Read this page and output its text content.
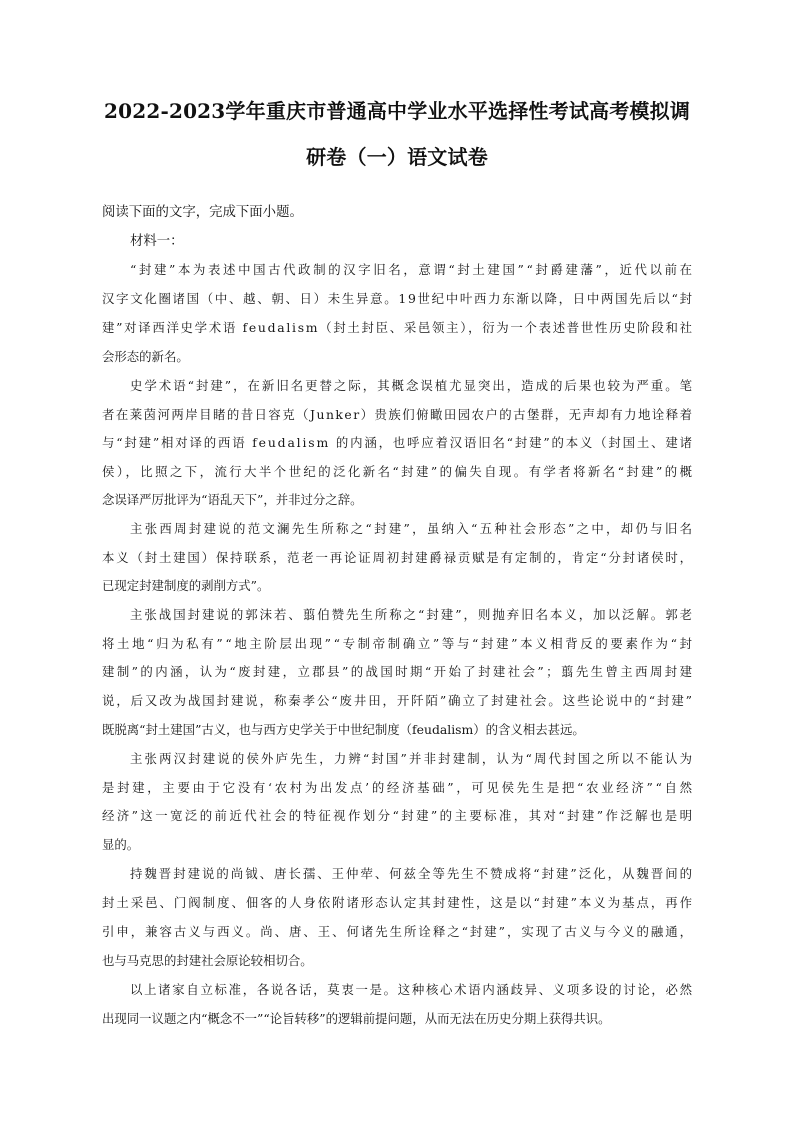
2022-2023学年重庆市普通高中学业水平选择性考试高考模拟调
研卷（一）语文试卷
阅读下面的文字，完成下面小题。
材料一：
“封建”本为表述中国古代政制的汉字旧名，意谓“封土建国”“封爵建藩”，近代以前在
汉字文化圈诸国（中、越、朝、日）未生异意。19世纪中叶西力东渐以降，日中两国先后以“封
建”对译西洋史学术语 feudalism（封土封臣、采邑领主），衍为一个表述普世性历史阶段和社
会形态的新名。
史学术语“封建”，在新旧名更替之际，其概念误植尤显突出，造成的后果也较为严重。笔
者在莱茵河两岸目睹的昔日容克（Junker）贵族们俯瞰田园农户的古堡群，无声却有力地诠释着
与“封建”相对译的西语 feudalism 的内涵，也呼应着汉语旧名“封建”的本义（封国土、建诸
侯），比照之下，流行大半个世纪的泛化新名“封建”的偏失自现。有学者将新名“封建”的概
念误译严厉批评为“语乱天下”，并非过分之辞。
主张西周封建说的范文澜先生所称之“封建”，虽纳入“五种社会形态”之中，却仍与旧名
本义（封土建国）保持联系，范老一再论证周初封建爵禄贡赋是有定制的，肯定“分封诸侯时，
已现定封建制度的剥削方式”。
主张战国封建说的郭沫若、翦伯赞先生所称之“封建”，则抛弃旧名本义，加以泛解。郭老
将土地“归为私有”“地主阶层出现”“专制帝制确立”等与“封建”本义相背反的要素作为“封
建制”的内涵，认为“废封建，立郡县”的战国时期“开始了封建社会”；翦先生曾主西周封建
说，后又改为战国封建说，称秦孝公“废井田，开阡陌”确立了封建社会。这些论说中的“封建”
既脱离“封土建国”古义，也与西方史学关于中世纪制度（feudalism）的含义相去甚远。
主张两汉封建说的侯外庐先生，力辨“封国”并非封建制，认为“周代封国之所以不能认为
是封建，主要由于它没有‘农村为出发点’的经济基础”，可见侯先生是把“农业经济”“自然
经济”这一宽泛的前近代社会的特征视作划分“封建”的主要标准，其对“封建”作泛解也是明
显的。
持魏晋封建说的尚钺、唐长孺、王仲荦、何兹全等先生不赞成将“封建”泛化，从魏晋间的
封土采邑、门阀制度、佃客的人身依附诸形态认定其封建性，这是以“封建”本义为基点，再作
引申，兼容古义与西义。尚、唐、王、何诸先生所诠释之“封建”，实现了古义与今义的融通，
也与马克思的封建社会原论较相切合。
以上诸家自立标准，各说各话，莫衷一是。这种核心术语内涵歧异、义项多设的讨论，必然
出现同一议题之内“概念不一”“论旨转移”的逻辑前提问题，从而无法在历史分期上获得共识。
